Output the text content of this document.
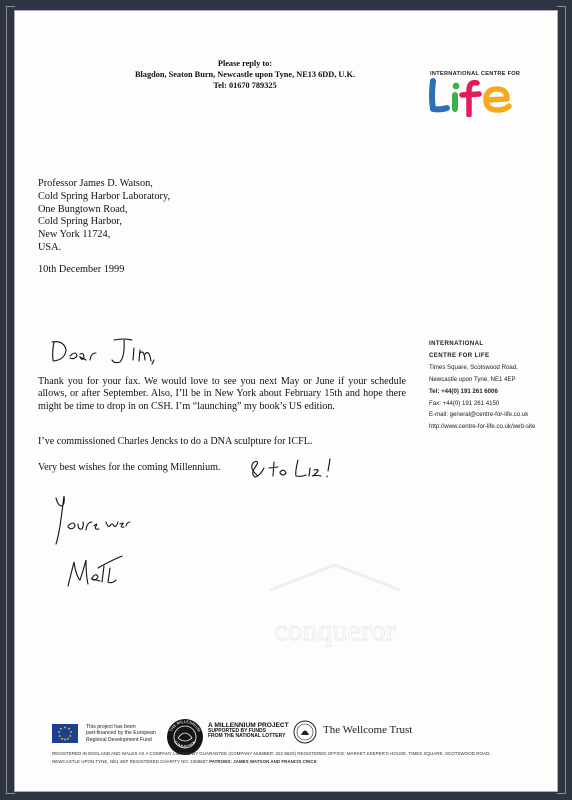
conqueror
Please reply to:
Blagdon, Seaton Burn, Newcastle upon Tyne, NE13 6DD, U.K.
Tel: 01670 789325
INTERNATIONAL CENTRE FOR
Professor James D. Watson,
Cold Spring Harbor Laboratory,
One Bungtown Road,
Cold Spring Harbor,
New York 11724,
USA.
10th December 1999
Thank you for your fax. We would love to see you next May or June if your schedule allows, or after September. Also, I’ll be in New York about February 15th and hope there might be time to drop in on CSH. I’m “launching” my book’s US edition.
I’ve commissioned Charles Jencks to do a DNA sculpture for ICFL.
Very best wishes for the coming Millennium.
INTERNATIONAL
CENTRE FOR LIFE
Times Square, Scotswood Road,
Newcastle upon Tyne, NE1 4EP
Tel: +44(0) 191 261 6006
Fax: +44(0) 191 261 4150
E-mail: general@centre-for-life.co.uk
http://www.centre-for-life.co.uk/web-site
This project has been
part-financed by the European
Regional Development Fund
THE MILLENNIUM
COMMISSION
A MILLENNIUM PROJECT
SUPPORTED BY FUNDS
FROM THE NATIONAL LOTTERY
The Wellcome Trust
REGISTERED IN ENGLAND AND WALES AS A COMPANY LIMITED BY GUARANTEE (COMPANY NUMBER: 322-5820) REGISTERED OFFICE: MARKET KEEPER'S HOUSE, TIMES SQUARE, SCOTSWOOD ROAD,
NEWCASTLE UPON TYNE, NE1 4EP REGISTERED CHARITY NO: 1059607 PATRONS: JAMES WATSON AND FRANCIS CRICK
